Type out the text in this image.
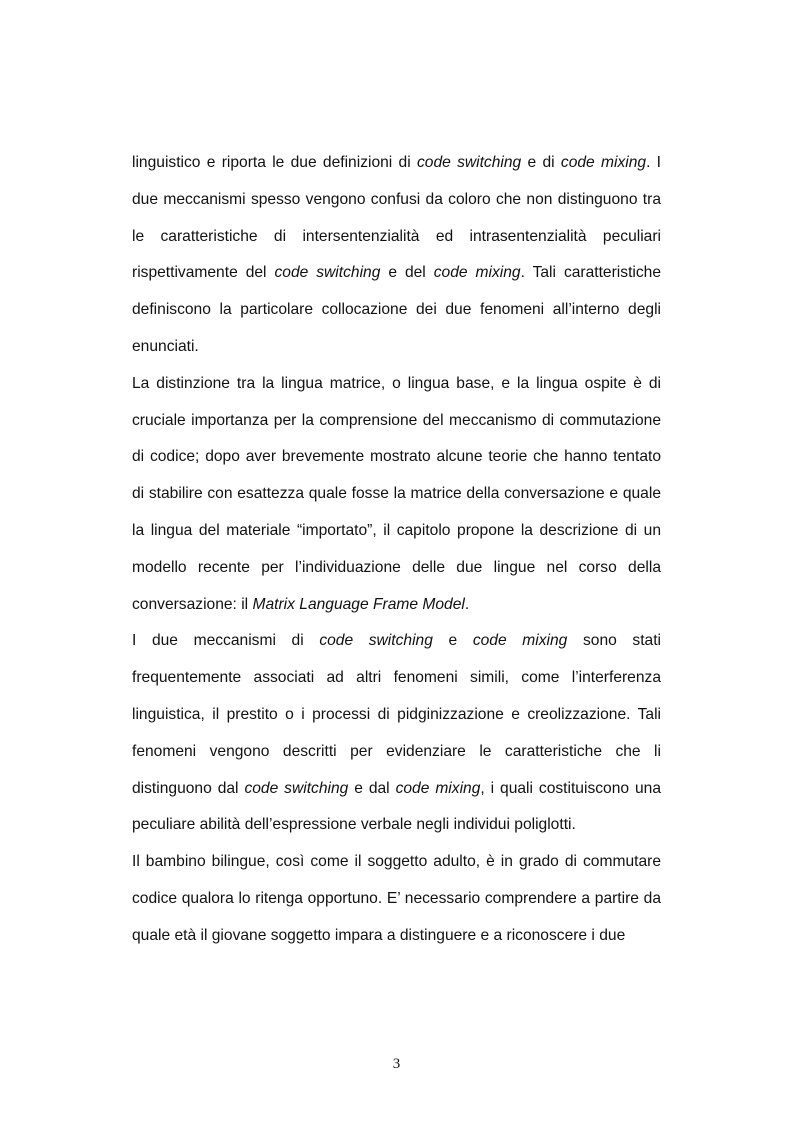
linguistico e riporta le due definizioni di code switching e di code mixing. I due meccanismi spesso vengono confusi da coloro che non distinguono tra le caratteristiche di intersentenzialità ed intrasentenzialità peculiari rispettivamente del code switching e del code mixing. Tali caratteristiche definiscono la particolare collocazione dei due fenomeni all’interno degli enunciati.

La distinzione tra la lingua matrice, o lingua base, e la lingua ospite è di cruciale importanza per la comprensione del meccanismo di commutazione di codice; dopo aver brevemente mostrato alcune teorie che hanno tentato di stabilire con esattezza quale fosse la matrice della conversazione e quale la lingua del materiale “importato”, il capitolo propone la descrizione di un modello recente per l’individuazione delle due lingue nel corso della conversazione: il Matrix Language Frame Model.

I due meccanismi di code switching e code mixing sono stati frequentemente associati ad altri fenomeni simili, come l’interferenza linguistica, il prestito o i processi di pidginizzazione e creolizzazione. Tali fenomeni vengono descritti per evidenziare le caratteristiche che li distinguono dal code switching e dal code mixing, i quali costituiscono una peculiare abilità dell’espressione verbale negli individui poliglotti.

Il bambino bilingue, così come il soggetto adulto, è in grado di commutare codice qualora lo ritenga opportuno. E’ necessario comprendere a partire da quale età il giovane soggetto impara a distinguere e a riconoscere i due

3
